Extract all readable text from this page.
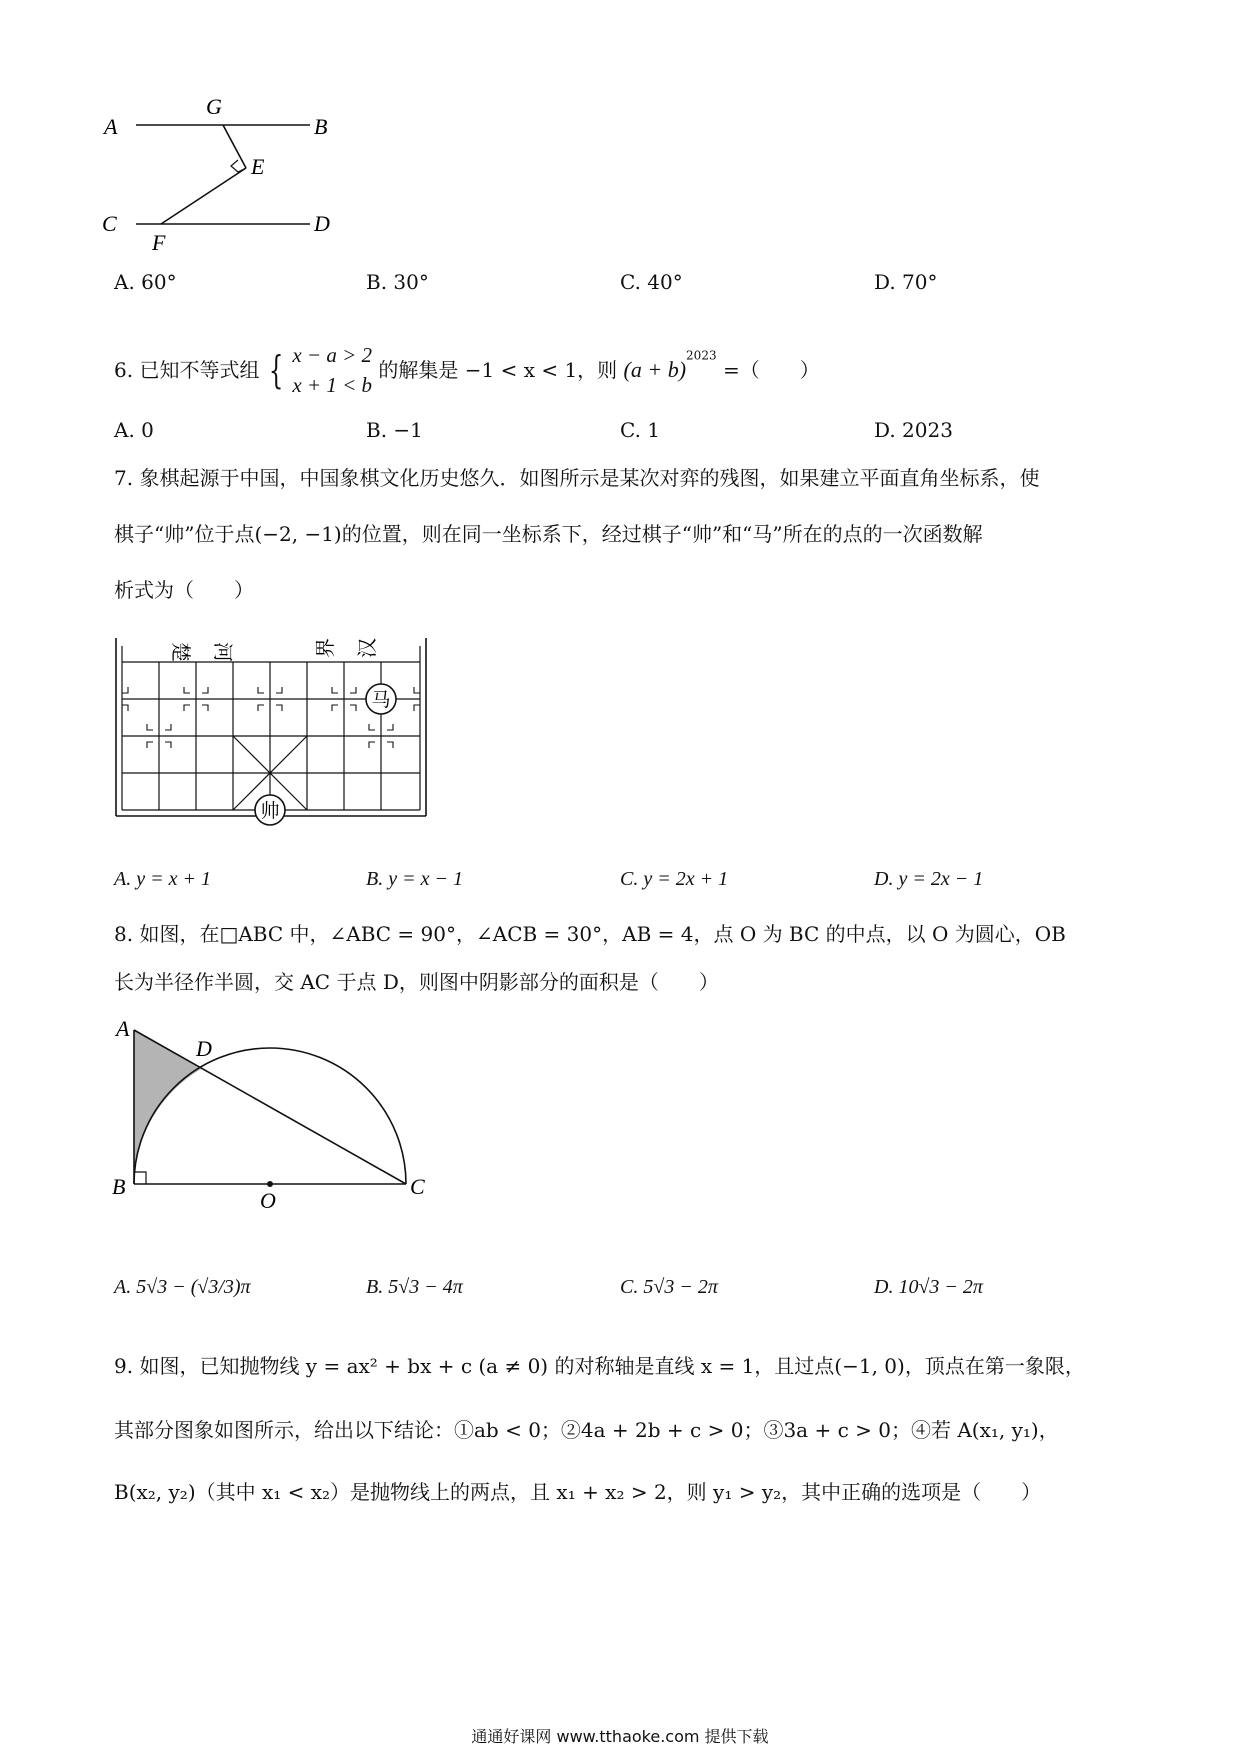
A
G
B
E
C
F
D
A. 60°	B. 30°	C. 40°	D. 70°
6. 已知不等式组 { x − a > 2
x + 1 < b
的解集是 −1 < x < 1，则 $(a + b)^{2023}$ =（　　）
A. 0	B. −1	C. 1	D. 2023
7. 象棋起源于中国，中国象棋文化历史悠久．如图所示是某次对弈的残图，如果建立平面直角坐标系，使
棋子“帅”位于点(−2, −1)的位置，则在同一坐标系下，经过棋子“帅”和“马”所在的点的一次函数解
析式为（　　）
楚 河	界 汉
马
帅
A. y = x + 1	B. y = x − 1	C. y = 2x + 1	D. y = 2x − 1
8. 如图，在□ABC 中，∠ABC = 90°，∠ACB = 30°，AB = 4，点 O 为 BC 的中点，以 O 为圆心，OB
长为半径作半圆，交 AC 于点 D，则图中阴影部分的面积是（　　）
A
D
B
O
C
A. 5√3 − (√3/3)π	B. 5√3 − 4π	C. 5√3 − 2π	D. 10√3 − 2π
9. 如图，已知抛物线 y = ax² + bx + c (a ≠ 0) 的对称轴是直线 x = 1，且过点(−1, 0)，顶点在第一象限，
其部分图象如图所示，给出以下结论：①ab < 0；②4a + 2b + c > 0；③3a + c > 0；④若 A(x₁, y₁)，
B(x₂, y₂)（其中 x₁ < x₂）是抛物线上的两点，且 x₁ + x₂ > 2，则 y₁ > y₂，其中正确的选项是（　　）
通通好课网 www.tthaoke.com 提供下载
